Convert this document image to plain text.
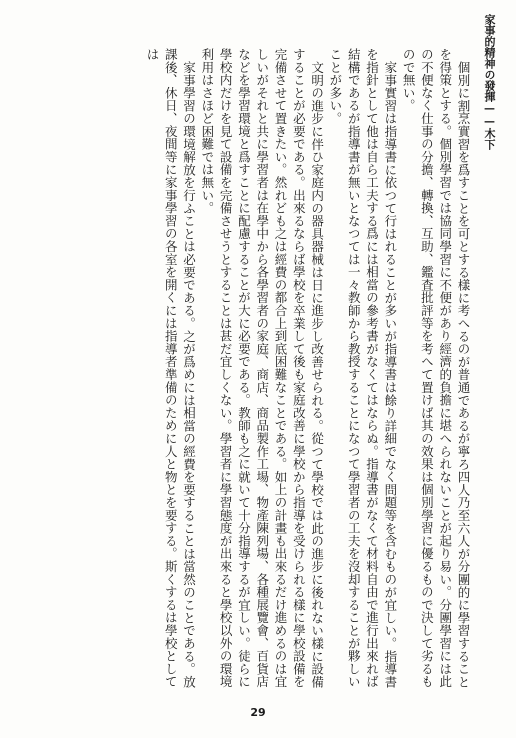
家事的精神の發揮——木下

個別に割烹實習を爲すことを可とする樣に考へるのが普通であるが寧ろ四人乃至六人が分團的に學習することを得策とする。個別學習では協同學習に不便があり經濟的負擔に堪へられないことが起り易い。分團學習には此の不便なく仕事の分擔、轉換、互助、鑑査批評等を考へて置けば其の效果は個別學習に優るもので決して劣るもので無い。

家事實習は指導書に依つて行はれることが多いが指導書は餘り詳細でなく問題等を含むものが宜しい。指導書を指針として他は自ら工夫する爲には相當の參考書がなくてはならぬ。指導書がなくて材料自由で進行出來れば結構であるが指導書が無いとなつては一々教師から教授することになつて學習者の工夫を沒却することが夥しいことが多い。

文明の進步に伴ひ家庭内の器具器械は日に進步し改善せられる。從つて學校では此の進步に後れない樣に設備することが必要である。出來るならば學校を卒業して後も家庭改善に學校から指導を受けられる樣に學校設備を完備させて置きたい。然れども之は經費の都合上到底困難なことである。如上の計畫も出來るだけ進めるのは宜しいがそれと共に學習者は在學中から各學習者の家庭、商店、商品製作工場、物產陳列場、各種展覽會、百貨店などを學習環境と爲すことに配慮することが大に必要である。教師も之に就いて十分指導するが宜しい。徒らに學校内だけを見て設備を完備させうとすることは甚だ宜しくない。學習者に學習態度が出來ると學校以外の環境利用はさほど困難では無い。

家事學習の環境解放を行ふことは必要である。之が爲めには相當の經費を要することは當然のことである。放課後、休日、夜間等に家事學習の各室を開くには指導者準備のために人と物とを要する。斯くするは學校としては

29
